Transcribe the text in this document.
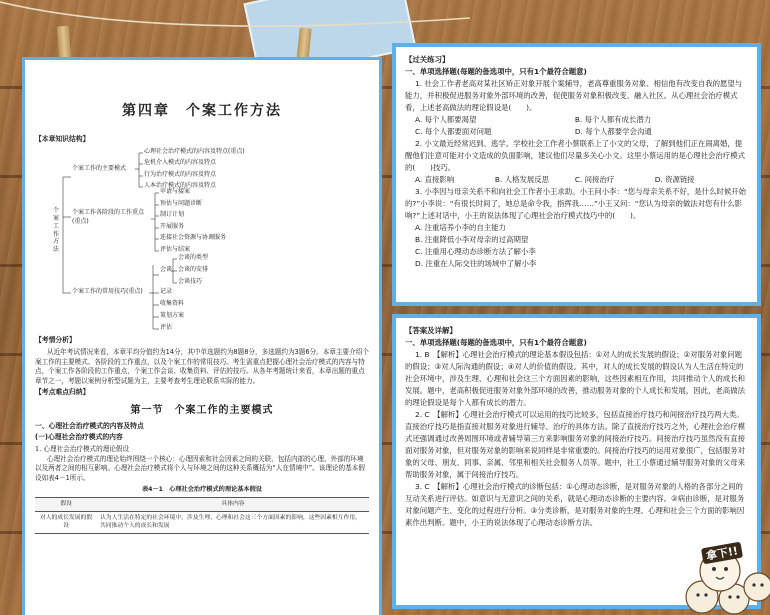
第四章　个案工作方法
【本章知识结构】
个案工作方法
个案工作的主要模式
心理社会治疗模式的内容及特点(重点)
危机介入模式的内容及特点
行为治疗模式的内容及特点
人本治疗模式的内容及特点
个案工作各阶段的工作重点(重点)
申请与接案
预估与问题诊断
制订计划
开展服务
连接社会资源与协调服务
评估与结案
个案工作的常用技巧(重点)
会谈
会谈的类型
会谈的安排
会谈技巧
记录
收集资料
策划方案
评估
【考情分析】
从近年考试情况来看，本章平均分值约为14分，其中单选题约为8题8分，多选题约为3题6分。本章主要介绍个案工作的主要模式、各阶段的工作重点，以及个案工作的常用技巧。考生需重点把握心理社会治疗模式的内容与特点，个案工作各阶段的工作重点，个案工作会谈、收集资料、评估的技巧。从各年考题统计来看，本章出题的重点章节之一，考题以案例分析型试题为主，主要考查考生理论联系实际的能力。
【考点难点归纳】
第一节　个案工作的主要模式
一、心理社会治疗模式的内容及特点
(一)心理社会治疗模式的内容
1. 心理社会治疗模式的理论假设
心理社会治疗模式的理论始终围绕一个核心：心理因素和社会因素之间的关联，包括内部的心理、外部的环境以及两者之间的相互影响。心理社会治疗模式将个人与环境之间的这种关系概括为“人在情境中”。该理论的基本假设如表4－1所示。
表4－1　心理社会治疗模式的理论基本假设
假设	具体内容
对人的成长发展的假设	认为人生活在特定的社会环境中，涉及生理、心理和社会这三个方面因素的影响，这些因素相互作用，共同推动个人的成长和发展
【过关练习】
一、单项选择题(每题的备选项中，只有1个最符合题意)
1. 社会工作者老高对某社区矫正对象开展个案辅导，老高尊重服务对象、相信他有改变自我的愿望与能力，并积极促进服务对象外部环境的改善，促使服务对象积极改变、融入社区。从心理社会治疗模式看，上述老高做法的理论假设是(　　)。
A. 每个人都要渴望	B. 每个人都有成长潜力 C. 每个人都要面对问题	D. 每个人都要学会沟通
2. 小文最近经常迟到、逃学。学校社会工作者小蔡联系上了小文的父母，了解到他们正在闹离婚，提醒他们注意可能对小文造成的负面影响，建议他们尽量多关心小文。这里小蔡运用的是心理社会治疗模式的(　　)技巧。
A. 直接影响	B. 人格发展反思	C. 间接治疗	D. 资源链接
3. 小李因与母亲关系不和向社会工作者小王求助。小王问小李：“您与母亲关系不好，是什么时候开始的?”小李说：“有很长时间了，她总是命令我，指挥我……”小王又问：“您认为母亲的做法对您有什么影响?”上述对话中，小王的说法体现了心理社会治疗模式技巧中的(　　)。
A. 注重培养小李的自主能力
B. 注重降低小李对母亲的过高期望
C. 注重用心理动态诊断方法了解小李
D. 注重在人际交往的场域中了解小李
【答案及详解】
一、单项选择题(每题的备选项中，只有1个最符合题意)
1. B　【解析】心理社会治疗模式的理论基本假设包括：①对人的成长发展的假设；②对服务对象问题的假设；③对人际沟通的假设；④对人的价值的假设。其中，对人的成长发展的假设认为人生活在特定的社会环境中，涉及生理、心理和社会这三个方面因素的影响，这些因素相互作用，共同推动个人的成长和发展。题中，老高积极促进服务对象外部环境的改善，推动服务对象的个人成长和发展，因此，老高做法的理论假设是每个人都有成长的潜力。
2. C　【解析】心理社会治疗模式可以运用的技巧比较多，包括直接治疗技巧和间接治疗技巧两大类。直接治疗技巧是指直接对服务对象进行辅导、治疗的具体方法。除了直接治疗技巧之外，心理社会治疗模式还强调通过改善周围环境或者辅导第三方来影响服务对象的间接治疗技巧。间接治疗技巧虽然没有直接面对服务对象，但对服务对象的影响来说同样是非常重要的。间接治疗技巧的运用对象很广，包括服务对象的父母、朋友、同事、亲属、邻里和相关社会服务人员等。题中，社工小蔡通过辅导服务对象的父母来帮助服务对象，属于间接治疗技巧。
3. C　【解析】心理社会治疗模式的诊断包括：①心理动态诊断，是对服务对象的人格的各部分之间的互动关系进行评估。如意识与无意识之间的关系，就是心理动态诊断的主要内容。②病由诊断，是对服务对象问题产生、变化的过程进行分析。③分类诊断，是对服务对象的生理、心理和社会三个方面的影响因素作出判断。题中，小王的说法体现了心理动态诊断方法。
拿下!!
